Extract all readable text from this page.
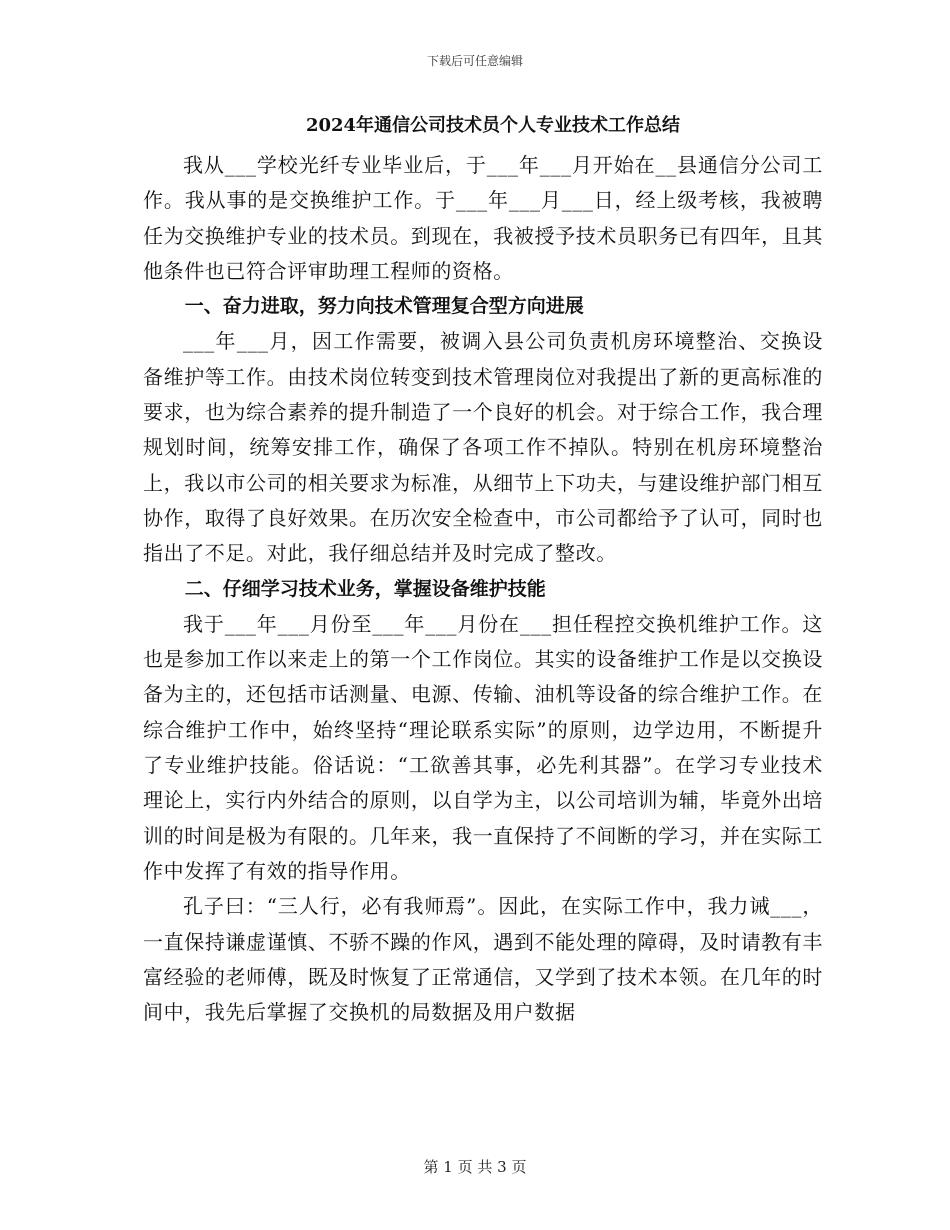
下载后可任意编辑
2024年通信公司技术员个人专业技术工作总结

我从___学校光纤专业毕业后，于___年___月开始在__县通信分公司工作。我从事的是交换维护工作。于___年___月___日，经上级考核，我被聘任为交换维护专业的技术员。到现在，我被授予技术员职务已有四年，且其他条件也已符合评审助理工程师的资格。

一、奋力进取，努力向技术管理复合型方向进展

___年___月，因工作需要，被调入县公司负责机房环境整治、交换设备维护等工作。由技术岗位转变到技术管理岗位对我提出了新的更高标准的要求，也为综合素养的提升制造了一个良好的机会。对于综合工作，我合理规划时间，统筹安排工作，确保了各项工作不掉队。特别在机房环境整治上，我以市公司的相关要求为标准，从细节上下功夫，与建设维护部门相互协作，取得了良好效果。在历次安全检查中，市公司都给予了认可，同时也指出了不足。对此，我仔细总结并及时完成了整改。

二、仔细学习技术业务，掌握设备维护技能

我于___年___月份至___年___月份在___担任程控交换机维护工作。这也是参加工作以来走上的第一个工作岗位。其实的设备维护工作是以交换设备为主的，还包括市话测量、电源、传输、油机等设备的综合维护工作。在综合维护工作中，始终坚持“理论联系实际”的原则，边学边用，不断提升了专业维护技能。俗话说：“工欲善其事，必先利其器”。在学习专业技术理论上，实行内外结合的原则，以自学为主，以公司培训为辅，毕竟外出培训的时间是极为有限的。几年来，我一直保持了不间断的学习，并在实际工作中发挥了有效的指导作用。

孔子曰：“三人行，必有我师焉”。因此，在实际工作中，我力诫___，一直保持谦虚谨慎、不骄不躁的作风，遇到不能处理的障碍，及时请教有丰富经验的老师傅，既及时恢复了正常通信，又学到了技术本领。在几年的时间中，我先后掌握了交换机的局数据及用户数据

第 1 页 共 3 页
